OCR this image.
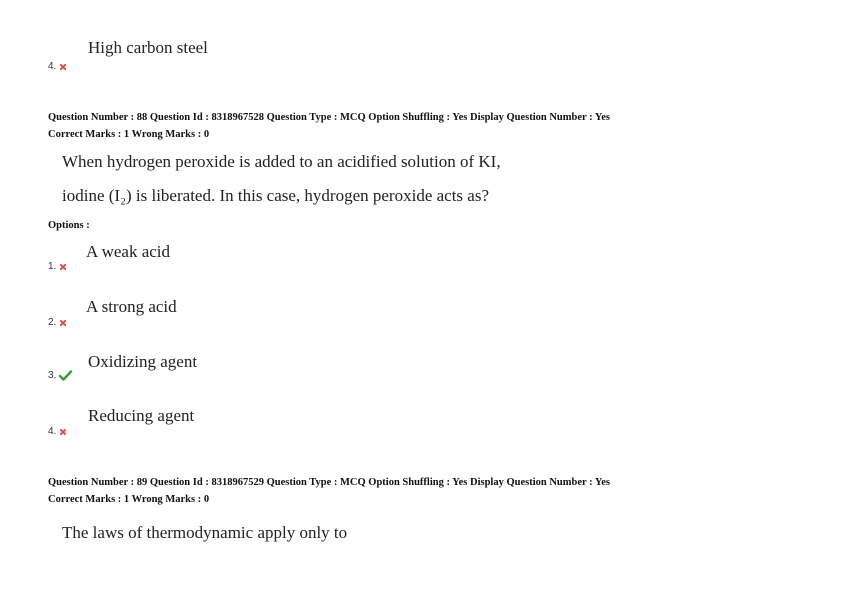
High carbon steel
4.
Question Number : 88 Question Id : 8318967528 Question Type : MCQ Option Shuffling : Yes Display Question Number : Yes
Correct Marks : 1 Wrong Marks : 0
When hydrogen peroxide is added to an acidified solution of KI,
iodine (I₂) is liberated. In this case, hydrogen peroxide acts as?
Options :
A weak acid
1.
A strong acid
2.
Oxidizing agent
3.
Reducing agent
4.
Question Number : 89 Question Id : 8318967529 Question Type : MCQ Option Shuffling : Yes Display Question Number : Yes
Correct Marks : 1 Wrong Marks : 0
The laws of thermodynamic apply only to
